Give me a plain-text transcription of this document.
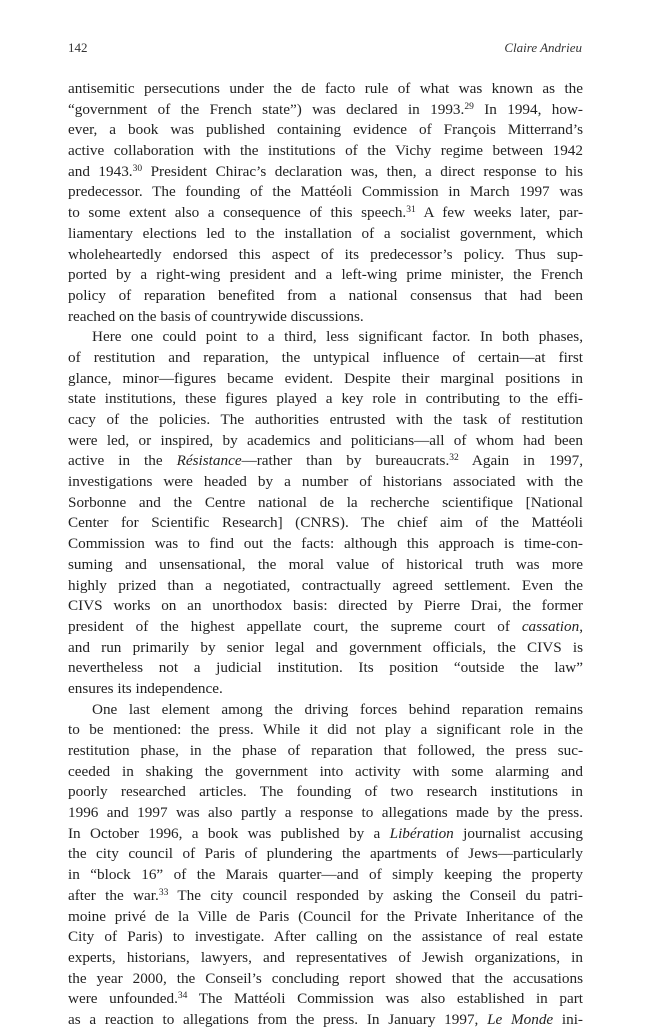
142	Claire Andrieu
antisemitic persecutions under the de facto rule of what was known as the
“government of the French state”) was declared in 1993.29 In 1994, how-
ever, a book was published containing evidence of François Mitterrand’s
active collaboration with the institutions of the Vichy regime between 1942
and 1943.30 President Chirac’s declaration was, then, a direct response to his
predecessor. The founding of the Mattéoli Commission in March 1997 was
to some extent also a consequence of this speech.$^{31}$ A few weeks later, par-
liamentary elections led to the installation of a socialist government, which
wholeheartedly endorsed this aspect of its predecessor’s policy. Thus sup-
ported by a right-wing president and a left-wing prime minister, the French
policy of reparation benefited from a national consensus that had been
reached on the basis of countrywide discussions.
Here one could point to a third, less significant factor. In both phases,
of restitution and reparation, the untypical influence of certain—at first
glance, minor—figures became evident. Despite their marginal positions in
state institutions, these figures played a key role in contributing to the effi-
cacy of the policies. The authorities entrusted with the task of restitution
were led, or inspired, by academics and politicians—all of whom had been
active in the Résistance—rather than by bureaucrats.$^{32}$ Again in 1997,
investigations were headed by a number of historians associated with the
Sorbonne and the Centre national de la recherche scientifique [National
Center for Scientific Research] (CNRS). The chief aim of the Mattéoli
Commission was to find out the facts: although this approach is time-con-
suming and unsensational, the moral value of historical truth was more
highly prized than a negotiated, contractually agreed settlement. Even the
CIVS works on an unorthodox basis: directed by Pierre Drai, the former
president of the highest appellate court, the supreme court of cassation,
and run primarily by senior legal and government officials, the CIVS is
nevertheless not a judicial institution. Its position “outside the law”
ensures its independence.
One last element among the driving forces behind reparation remains
to be mentioned: the press. While it did not play a significant role in the
restitution phase, in the phase of reparation that followed, the press suc-
ceeded in shaking the government into activity with some alarming and
poorly researched articles. The founding of two research institutions in
1996 and 1997 was also partly a response to allegations made by the press.
In October 1996, a book was published by a Libération journalist accusing
the city council of Paris of plundering the apartments of Jews—particularly
in “block 16” of the Marais quarter—and of simply keeping the property
after the war.$^{33}$ The city council responded by asking the Conseil du patri-
moine privé de la Ville de Paris (Council for the Private Inheritance of the
City of Paris) to investigate. After calling on the assistance of real estate
experts, historians, lawyers, and representatives of Jewish organizations, in
the year 2000, the Conseil’s concluding report showed that the accusations
were unfounded.$^{34}$ The Mattéoli Commission was also established in part
as a reaction to allegations from the press. In January 1997, Le Monde ini-
